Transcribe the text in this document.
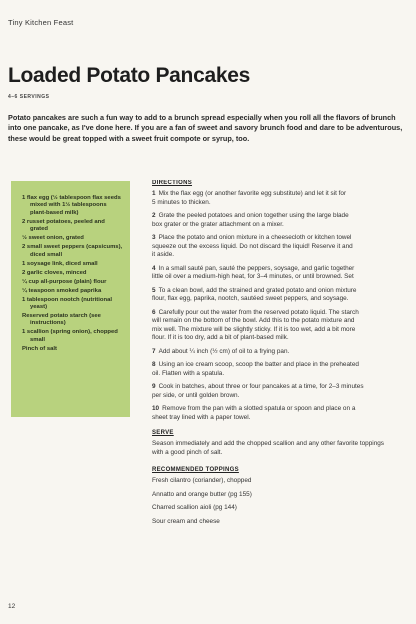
Tiny Kitchen Feast
Loaded Potato Pancakes
4–6 SERVINGS

Potato pancakes are such a fun way to add to a brunch spread especially when you roll all the flavors of brunch into one pancake, as I've done here. If you are a fan of sweet and savory brunch food and dare to be adventurous, these would be great topped with a sweet fruit compote or syrup, too.

1 flax egg (½ tablespoon flax seeds mixed with 1½ tablespoons plant-based milk)
2 russet potatoes, peeled and grated
½ sweet onion, grated
2 small sweet peppers (capsicums), diced small
1 soysage link, diced small
2 garlic cloves, minced
¼ cup all-purpose (plain) flour
¼ teaspoon smoked paprika
1 tablespoon nootch (nutritional yeast)
Reserved potato starch (see instructions)
1 scallion (spring onion), chopped small
Pinch of salt
DIRECTIONS
1 Mix the flax egg (or another favorite egg substitute) and let it sit for
5 minutes to thicken.
2 Grate the peeled potatoes and onion together using the large blade
box grater or the grater attachment on a mixer.
3 Place the potato and onion mixture in a cheesecloth or kitchen towel
squeeze out the excess liquid. Do not discard the liquid! Reserve it and
it aside.
4 In a small sauté pan, sauté the peppers, soysage, and garlic together
little oil over a medium-high heat, for 3–4 minutes, or until browned. Set
5 To a clean bowl, add the strained and grated potato and onion mixture
flour, flax egg, paprika, nootch, sautéed sweet peppers, and soysage.
6 Carefully pour out the water from the reserved potato liquid. The starch
will remain on the bottom of the bowl. Add this to the potato mixture and
mix well. The mixture will be slightly sticky. If it is too wet, add a bit more
flour. If it is too dry, add a bit of plant-based milk.
7 Add about ¼ inch (½ cm) of oil to a frying pan.
8 Using an ice cream scoop, scoop the batter and place in the preheated
oil. Flatten with a spatula.
9 Cook in batches, about three or four pancakes at a time, for 2–3 minutes
per side, or until golden brown.
10 Remove from the pan with a slotted spatula or spoon and place on a
sheet tray lined with a paper towel.
SERVE

Season immediately and add the chopped scallion and any other favorite toppings with a good pinch of salt.

RECOMMENDED TOPPINGS
Fresh cilantro (coriander), chopped
Annatto and orange butter (pg 155)
Charred scallion aioli (pg 144)
Sour cream and cheese
12
